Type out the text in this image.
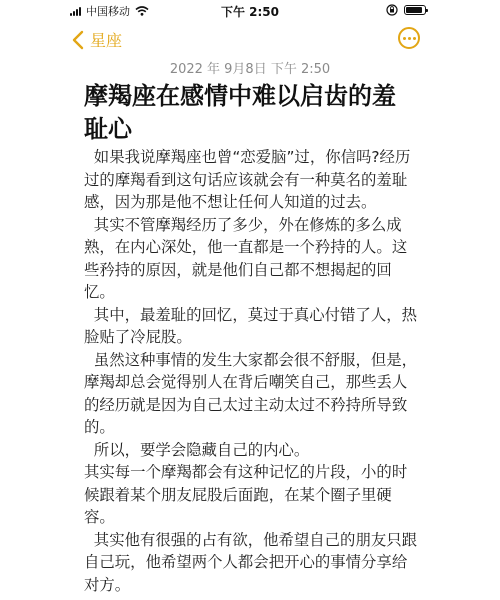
中国移动	下午 2:50
星座
2022 年 9月8日 下午 2:50
摩羯座在感情中难以启齿的羞耻心

如果我说摩羯座也曾“恋爱脑”过，你信吗?经历过的摩羯看到这句话应该就会有一种莫名的羞耻感，因为那是他不想让任何人知道的过去。

其实不管摩羯经历了多少，外在修炼的多么成熟，在内心深处，他一直都是一个矜持的人。这些矜持的原因，就是他们自己都不想揭起的回忆。

其中，最羞耻的回忆，莫过于真心付错了人，热脸贴了冷屁股。

虽然这种事情的发生大家都会很不舒服，但是，摩羯却总会觉得别人在背后嘲笑自己，那些丢人的经历就是因为自己太过主动太过不矜持所导致的。

所以，要学会隐藏自己的内心。

其实每一个摩羯都会有这种记忆的片段，小的时候跟着某个朋友屁股后面跑，在某个圈子里硬容。

其实他有很强的占有欲，他希望自己的朋友只跟自己玩，他希望两个人都会把开心的事情分享给对方。
